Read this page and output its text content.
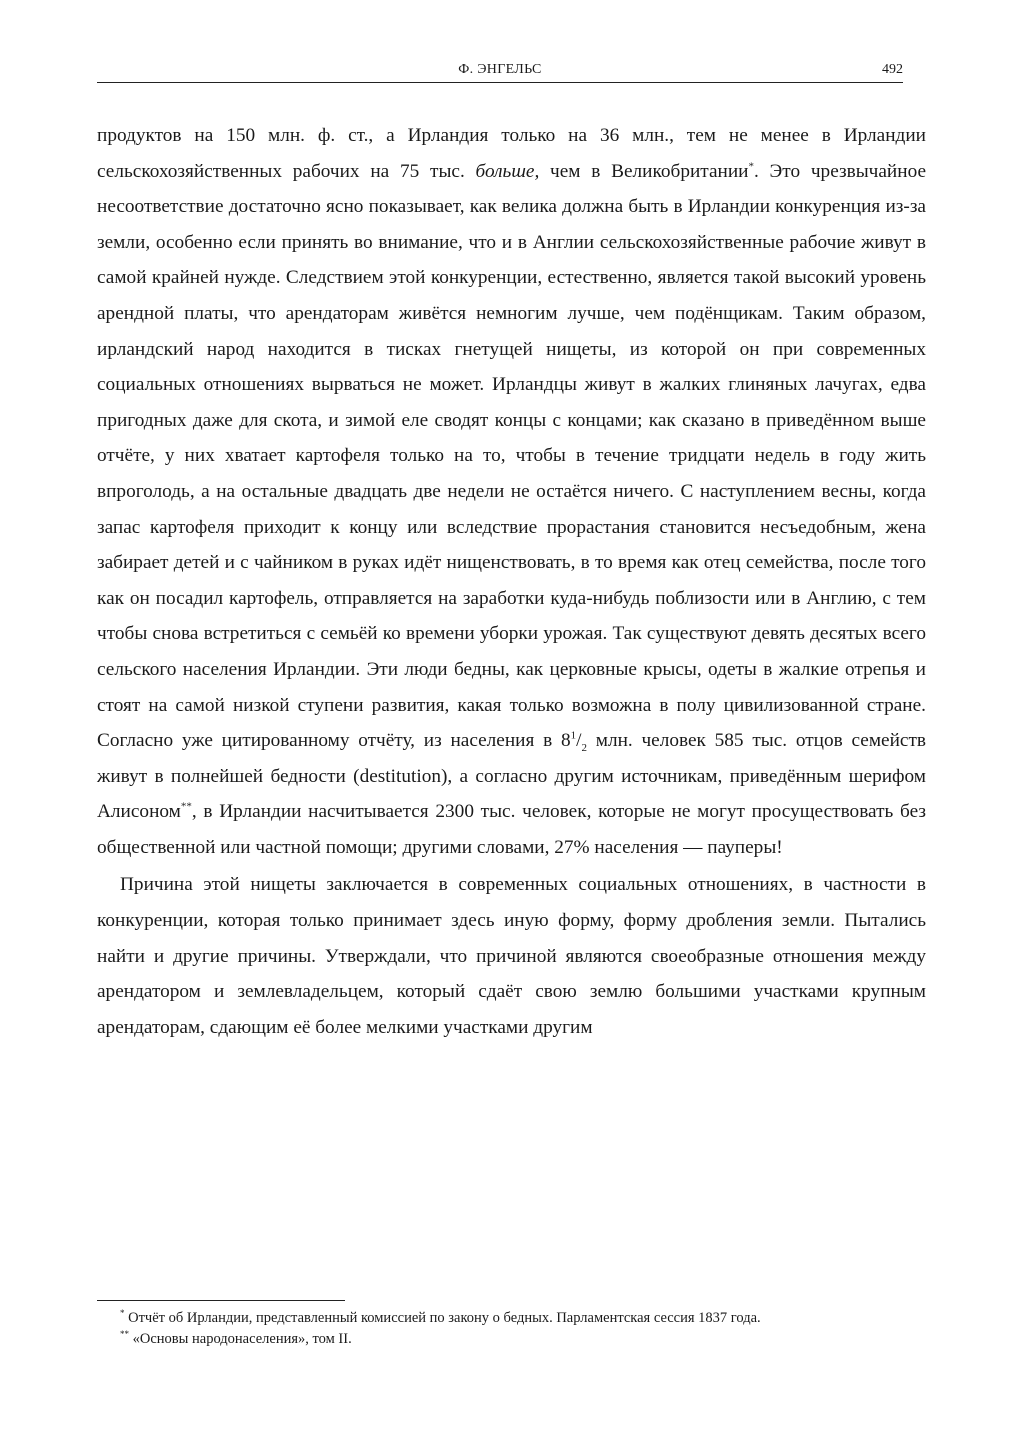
Ф. ЭНГЕЛЬС	492

продуктов на 150 млн. ф. ст., а Ирландия только на 36 млн., тем не менее в Ирландии сельскохозяйственных рабочих на 75 тыс. больше, чем в Великобритании*. Это чрезвычайное несоответствие достаточно ясно показывает, как велика должна быть в Ирландии конкуренция из-за земли, особенно если принять во внимание, что и в Англии сельскохозяйственные рабочие живут в самой крайней нужде. Следствием этой конкуренции, естественно, является такой высокий уровень арендной платы, что арендаторам живётся немногим лучше, чем подёнщикам. Таким образом, ирландский народ находится в тисках гнетущей нищеты, из которой он при современных социальных отношениях вырваться не может. Ирландцы живут в жалких глиняных лачугах, едва пригодных даже для скота, и зимой еле сводят концы с концами; как сказано в приведённом выше отчёте, у них хватает картофеля только на то, чтобы в течение тридцати недель в году жить впроголодь, а на остальные двадцать две недели не остаётся ничего. С наступлением весны, когда запас картофеля приходит к концу или вследствие прорастания становится несъедобным, жена забирает детей и с чайником в руках идёт нищенствовать, в то время как отец семейства, после того как он посадил картофель, отправляется на заработки куда-нибудь поблизости или в Англию, с тем чтобы снова встретиться с семьёй ко времени уборки урожая. Так существуют девять десятых всего сельского населения Ирландии. Эти люди бедны, как церковные крысы, одеты в жалкие отрепья и стоят на самой низкой ступени развития, какая только возможна в полу цивилизованной стране. Согласно уже цитированному отчёту, из населения в $8^1/_2$ млн. человек 585 тыс. отцов семейств живут в полнейшей бедности (destitution), а согласно другим источникам, приведённым шерифом Алисоном**, в Ирландии насчитывается 2300 тыс. человек, которые не могут просуществовать без общественной или частной помощи; другими словами, 27% населения — пауперы!

Причина этой нищеты заключается в современных социальных отношениях, в частности в конкуренции, которая только принимает здесь иную форму, форму дробления земли. Пытались найти и другие причины. Утверждали, что причиной являются своеобразные отношения между арендатором и землевладельцем, который сдаёт свою землю большими участками крупным арендаторам, сдающим её более мелкими участками другим

* Отчёт об Ирландии, представленный комиссией по закону о бедных. Парламентская сессия 1837 года.

** «Основы народонаселения», том II.
